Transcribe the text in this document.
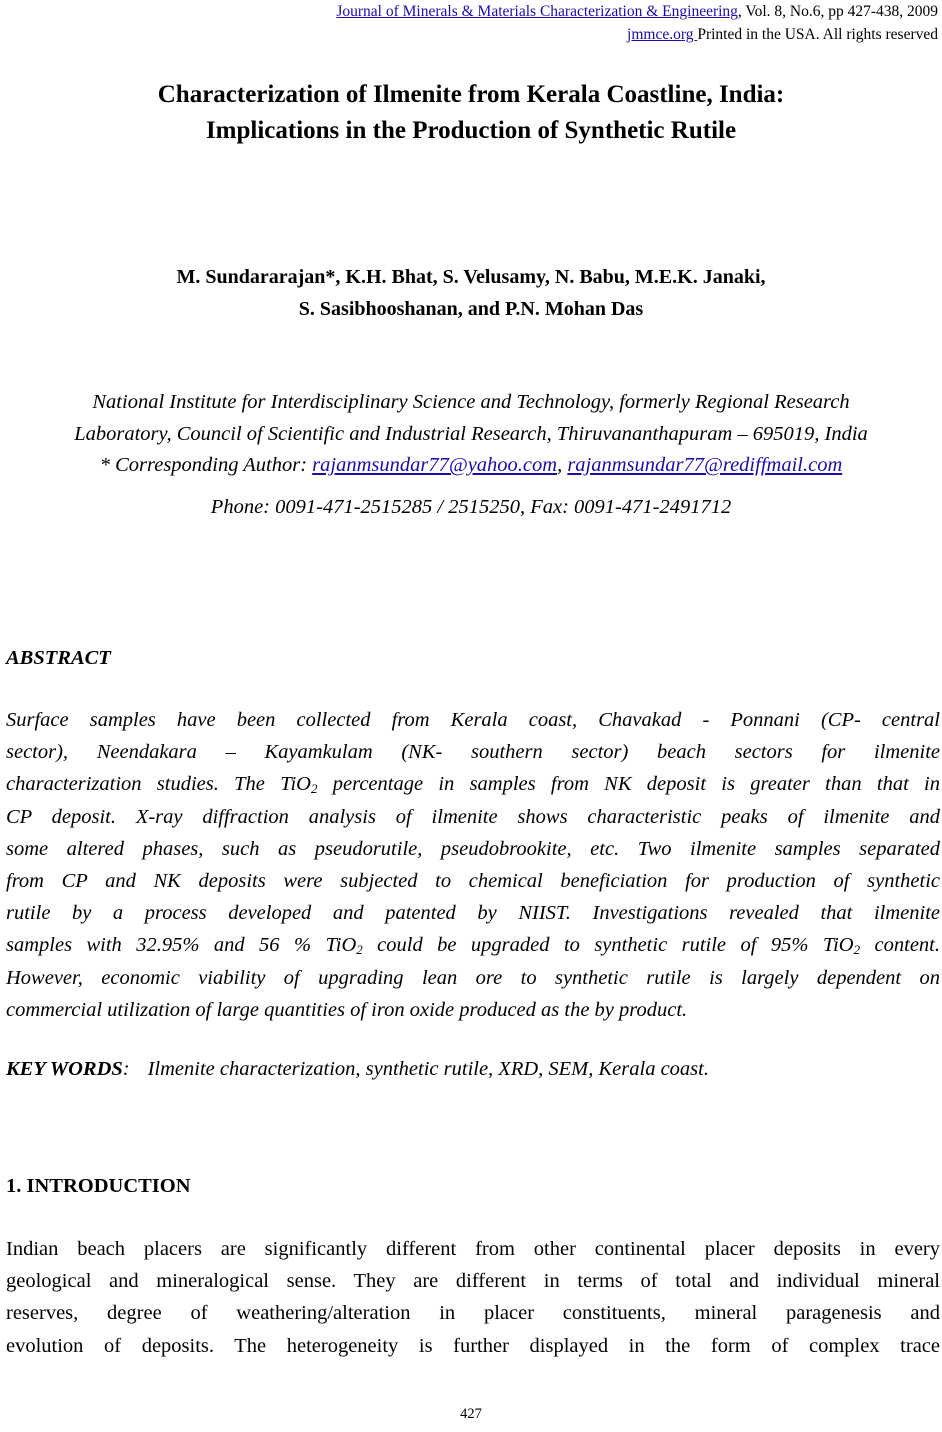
Journal of Minerals & Materials Characterization & Engineering, Vol. 8, No.6, pp 427-438, 2009
jmmce.org Printed in the USA. All rights reserved
Characterization of Ilmenite from Kerala Coastline, India:
Implications in the Production of Synthetic Rutile
M. Sundararajan*, K.H. Bhat, S. Velusamy, N. Babu, M.E.K. Janaki,
S. Sasibhooshanan, and P.N. Mohan Das
National Institute for Interdisciplinary Science and Technology, formerly Regional Research
Laboratory, Council of Scientific and Industrial Research, Thiruvananthapuram – 695019, India
* Corresponding Author: rajanmsundar77@yahoo.com, rajanmsundar77@rediffmail.com
Phone: 0091-471-2515285 / 2515250, Fax: 0091-471-2491712
ABSTRACT
Surface samples have been collected from Kerala coast, Chavakad - Ponnani (CP- central
sector), Neendakara – Kayamkulam (NK- southern sector) beach sectors for ilmenite
characterization studies. The TiO$_2$ percentage in samples from NK deposit is greater than that in
CP deposit. X-ray diffraction analysis of ilmenite shows characteristic peaks of ilmenite and
some altered phases, such as pseudorutile, pseudobrookite, etc. Two ilmenite samples separated
from CP and NK deposits were subjected to chemical beneficiation for production of synthetic
rutile by a process developed and patented by NIIST. Investigations revealed that ilmenite
samples with 32.95% and 56 % TiO$_2$ could be upgraded to synthetic rutile of 95% TiO$_2$ content.
However, economic viability of upgrading lean ore to synthetic rutile is largely dependent on
commercial utilization of large quantities of iron oxide produced as the by product.
KEY WORDS: Ilmenite characterization, synthetic rutile, XRD, SEM, Kerala coast.
1. INTRODUCTION
Indian beach placers are significantly different from other continental placer deposits in every
geological and mineralogical sense. They are different in terms of total and individual mineral
reserves, degree of weathering/alteration in placer constituents, mineral paragenesis and
evolution of deposits. The heterogeneity is further displayed in the form of complex trace
427
